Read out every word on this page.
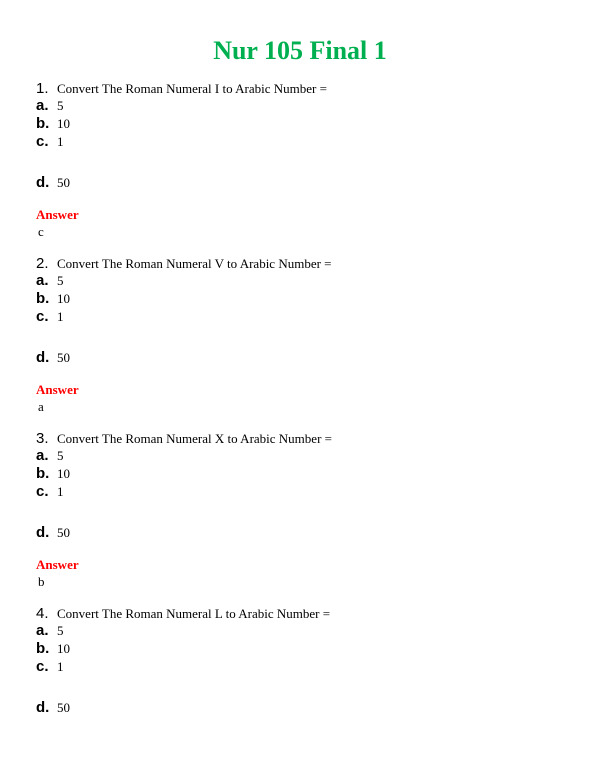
Nur 105 Final 1
1. Convert The Roman Numeral I to Arabic Number =
a. 5
b. 10
c. 1
d. 50
Answer
c
2. Convert The Roman Numeral V to Arabic Number =
a. 5
b. 10
c. 1
d. 50
Answer
a
3. Convert The Roman Numeral X to Arabic Number =
a. 5
b. 10
c. 1
d. 50
Answer
b
4. Convert The Roman Numeral L to Arabic Number =
a. 5
b. 10
c. 1
d. 50
